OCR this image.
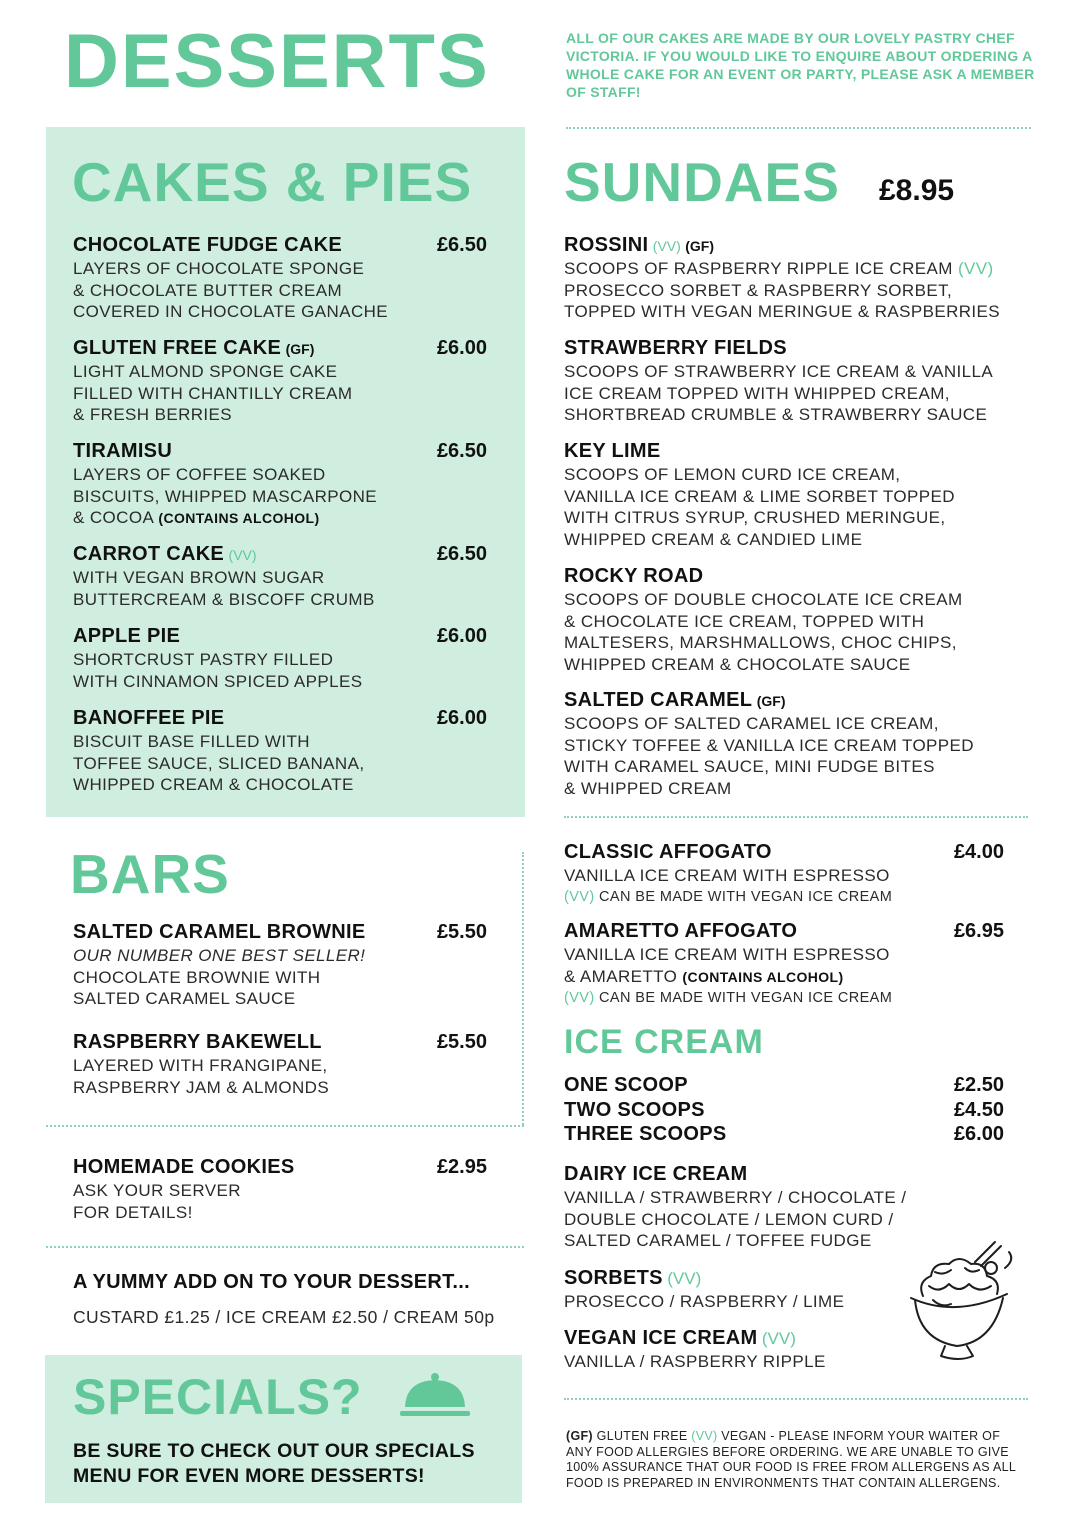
DESSERTS
CAKES & PIES
CHOCOLATE FUDGE CAKE	£6.50
LAYERS OF CHOCOLATE SPONGE
& CHOCOLATE BUTTER CREAM
COVERED IN CHOCOLATE GANACHE
GLUTEN FREE CAKE (GF)	£6.00
LIGHT ALMOND SPONGE CAKE
FILLED WITH CHANTILLY CREAM
& FRESH BERRIES
TIRAMISU	£6.50
LAYERS OF COFFEE SOAKED
BISCUITS, WHIPPED MASCARPONE
& COCOA (CONTAINS ALCOHOL)
CARROT CAKE (VV)	£6.50
WITH VEGAN BROWN SUGAR
BUTTERCREAM & BISCOFF CRUMB
APPLE PIE	£6.00
SHORTCRUST PASTRY FILLED
WITH CINNAMON SPICED APPLES
BANOFFEE PIE	£6.00
BISCUIT BASE FILLED WITH
TOFFEE SAUCE, SLICED BANANA,
WHIPPED CREAM & CHOCOLATE
BARS
SALTED CARAMEL BROWNIE	£5.50
OUR NUMBER ONE BEST SELLER!
CHOCOLATE BROWNIE WITH
SALTED CARAMEL SAUCE
RASPBERRY BAKEWELL	£5.50
LAYERED WITH FRANGIPANE,
RASPBERRY JAM & ALMONDS
HOMEMADE COOKIES	£2.95
ASK YOUR SERVER
FOR DETAILS!
A YUMMY ADD ON TO YOUR DESSERT...
CUSTARD £1.25 / ICE CREAM £2.50 / CREAM 50p
SPECIALS?
BE SURE TO CHECK OUT OUR SPECIALS
MENU FOR EVEN MORE DESSERTS!
ALL OF OUR CAKES ARE MADE BY OUR LOVELY PASTRY CHEF VICTORIA. IF YOU WOULD LIKE TO ENQUIRE ABOUT ORDERING A WHOLE CAKE FOR AN EVENT OR PARTY, PLEASE ASK A MEMBER OF STAFF!
SUNDAES £8.95
ROSSINI (VV) (GF)
SCOOPS OF RASPBERRY RIPPLE ICE CREAM (VV)
PROSECCO SORBET & RASPBERRY SORBET,
TOPPED WITH VEGAN MERINGUE & RASPBERRIES
STRAWBERRY FIELDS
SCOOPS OF STRAWBERRY ICE CREAM & VANILLA
ICE CREAM TOPPED WITH WHIPPED CREAM,
SHORTBREAD CRUMBLE & STRAWBERRY SAUCE
KEY LIME
SCOOPS OF LEMON CURD ICE CREAM,
VANILLA ICE CREAM & LIME SORBET TOPPED
WITH CITRUS SYRUP, CRUSHED MERINGUE,
WHIPPED CREAM & CANDIED LIME
ROCKY ROAD
SCOOPS OF DOUBLE CHOCOLATE ICE CREAM
& CHOCOLATE ICE CREAM, TOPPED WITH
MALTESERS, MARSHMALLOWS, CHOC CHIPS,
WHIPPED CREAM & CHOCOLATE SAUCE
SALTED CARAMEL (GF)
SCOOPS OF SALTED CARAMEL ICE CREAM,
STICKY TOFFEE & VANILLA ICE CREAM TOPPED
WITH CARAMEL SAUCE, MINI FUDGE BITES
& WHIPPED CREAM
CLASSIC AFFOGATO	£4.00
VANILLA ICE CREAM WITH ESPRESSO
(VV) CAN BE MADE WITH VEGAN ICE CREAM
AMARETTO AFFOGATO	£6.95
VANILLA ICE CREAM WITH ESPRESSO
& AMARETTO (CONTAINS ALCOHOL)
(VV) CAN BE MADE WITH VEGAN ICE CREAM
ICE CREAM
ONE SCOOP	£2.50
TWO SCOOPS	£4.50
THREE SCOOPS	£6.00
DAIRY ICE CREAM
VANILLA / STRAWBERRY / CHOCOLATE /
DOUBLE CHOCOLATE / LEMON CURD /
SALTED CARAMEL / TOFFEE FUDGE
SORBETS (VV)
PROSECCO / RASPBERRY / LIME
VEGAN ICE CREAM (VV)
VANILLA / RASPBERRY RIPPLE
(GF) GLUTEN FREE (VV) VEGAN - PLEASE INFORM YOUR WAITER OF ANY FOOD ALLERGIES BEFORE ORDERING. WE ARE UNABLE TO GIVE 100% ASSURANCE THAT OUR FOOD IS FREE FROM ALLERGENS AS ALL FOOD IS PREPARED IN ENVIRONMENTS THAT CONTAIN ALLERGENS.
